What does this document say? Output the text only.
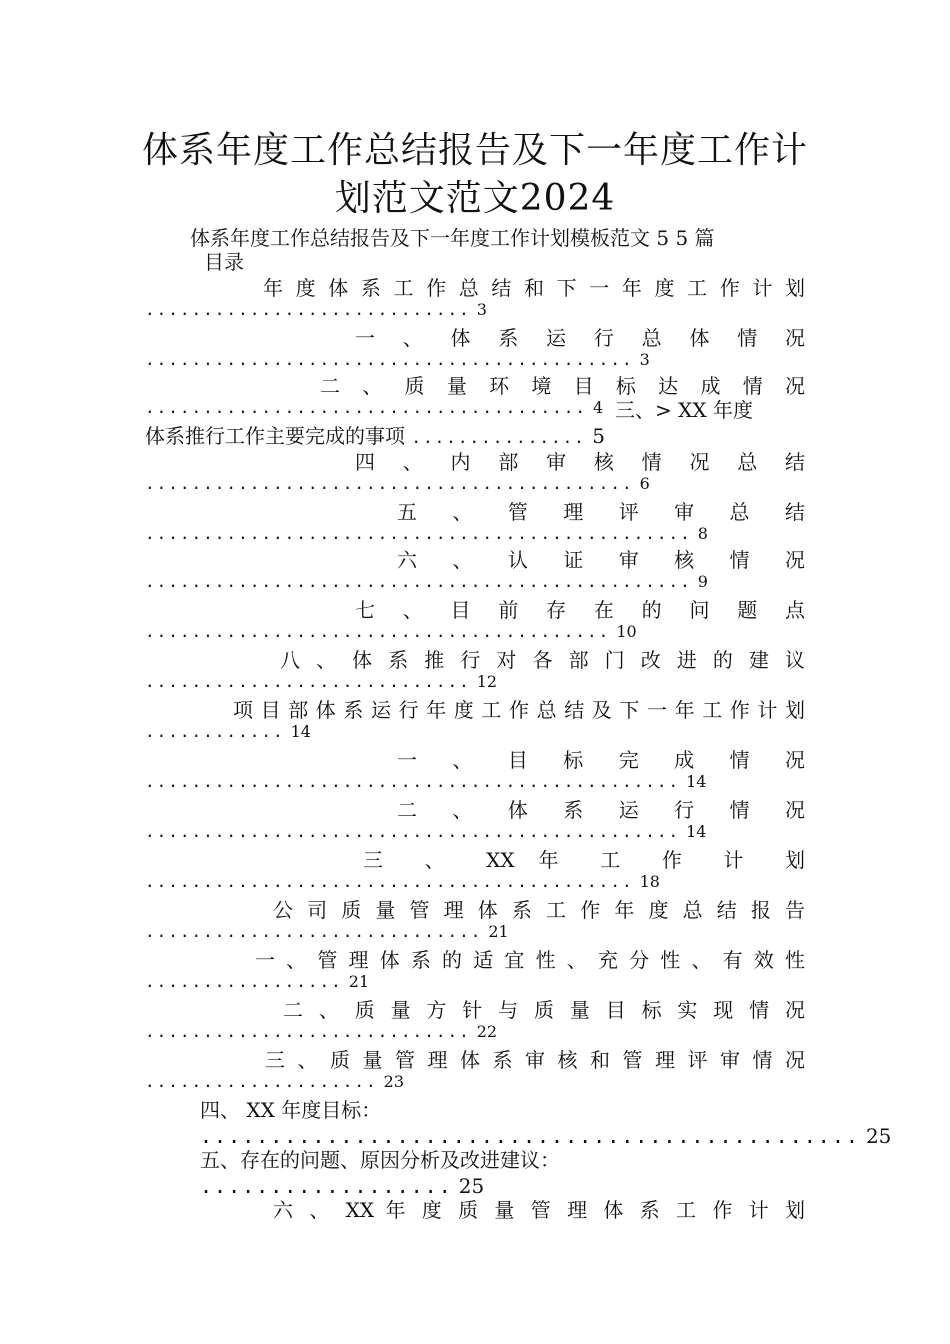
体系年度工作总结报告及下一年度工作计
划范文范文2024
体系年度工作总结报告及下一年度工作计划模板范文 5 5 篇
目录
年 度 体 系 工 作 总 结 和 下 一 年 度 工 作 计 划
............................ 3
一 、 体 系 运 行 总 体 情 况
.......................................... 3
二 、 质 量 环 境 目 标 达 成 情 况
...................................... 4 三、> XX 年度
体系推行工作主要完成的事项 ............... 5
四 、 内 部 审 核 情 况 总 结
.......................................... 6
五 、 管 理 评 审 总 结
............................................... 8
六 、 认 证 审 核 情 况
............................................... 9
七 、 目 前 存 在 的 问 题 点
........................................ 10
八 、 体 系 推 行 对 各 部 门 改 进 的 建 议
............................ 12
项 目 部 体 系 运 行 年 度 工 作 总 结 及 下 一 年 工 作 计 划
............ 14
一 、 目 标 完 成 情 况
.............................................. 14
二 、 体 系 运 行 情 况
.............................................. 14
三 、 XX 年 工 作 计 划
.......................................... 18
公 司 质 量 管 理 体 系 工 作 年 度 总 结 报 告
............................. 21
一 、 管 理 体 系 的 适 宜 性 、 充 分 性 、 有 效 性
................. 21
二 、 质 量 方 针 与 质 量 目 标 实 现 情 况
............................ 22
三 、 质 量 管 理 体 系 审 核 和 管 理 评 审 情 况
.................... 23
四、 XX 年度目标：
............................................... 25
五、存在的问题、原因分析及改进建议：
.................. 25
六 、 XX 年 度 质 量 管 理 体 系 工 作 计 划
